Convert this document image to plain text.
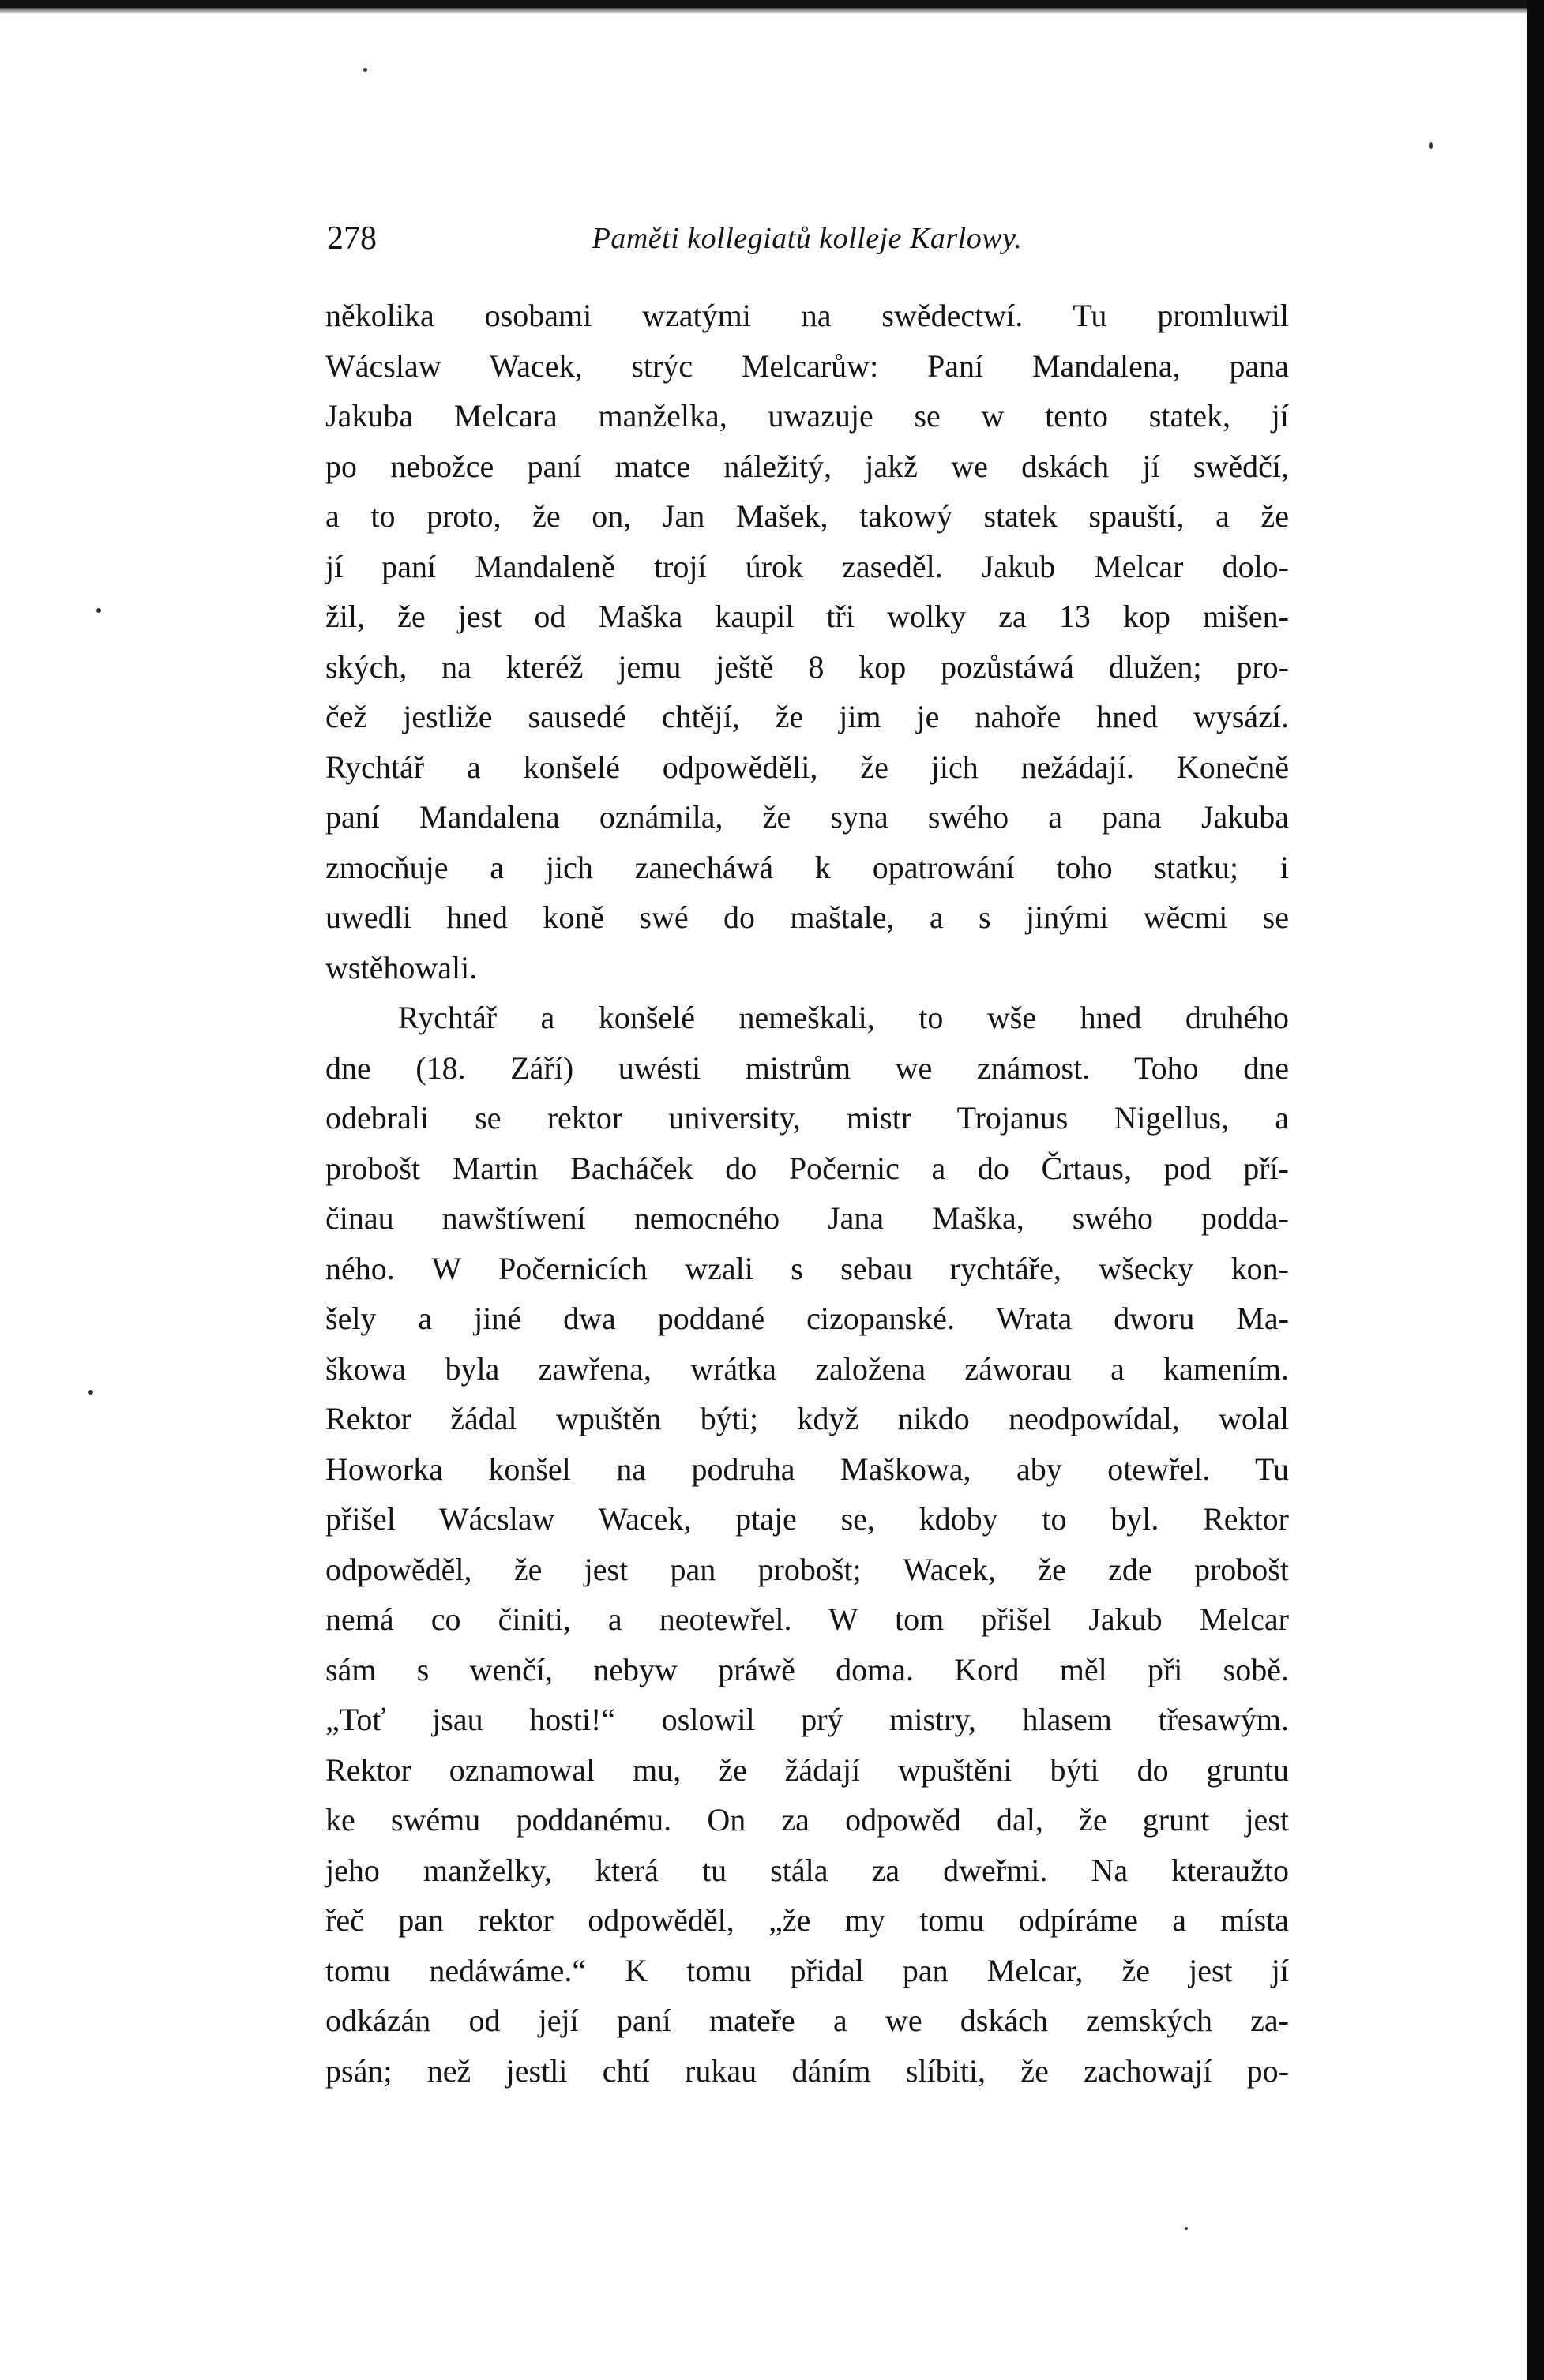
278	Paměti kollegiatů kolleje Karlowy.
několika osobami wzatými na swědectwí. Tu promluwil
Wácslaw Wacek, strýc Melcarůw: Paní Mandalena, pana
Jakuba Melcara manželka, uwazuje se w tento statek, jí
po nebožce paní matce náležitý, jakž we dskách jí swědčí,
a to proto, že on, Jan Mašek, takowý statek spauští, a že
jí paní Mandaleně trojí úrok zaseděl. Jakub Melcar dolo-
žil, že jest od Maška kaupil tři wolky za 13 kop mišen-
ských, na kteréž jemu ještě 8 kop pozůstáwá dlužen; pro-
čež jestliže sausedé chtějí, že jim je nahoře hned wysází.
Rychtář a konšelé odpowěděli, že jich nežádají. Konečně
paní Mandalena oznámila, že syna swého a pana Jakuba
zmocňuje a jich zanecháwá k opatrowání toho statku; i
uwedli hned koně swé do maštale, a s jinými wěcmi se
wstěhowali.
Rychtář a konšelé nemeškali, to wše hned druhého
dne (18. Září) uwésti mistrům we známost. Toho dne
odebrali se rektor university, mistr Trojanus Nigellus, a
probošt Martin Bacháček do Počernic a do Črtaus, pod pří-
činau nawštíwení nemocného Jana Maška, swého podda-
ného. W Počernicích wzali s sebau rychtáře, wšecky kon-
šely a jiné dwa poddané cizopanské. Wrata dworu Ma-
škowa byla zawřena, wrátka založena záworau a kamením.
Rektor žádal wpuštěn býti; když nikdo neodpowídal, wolal
Howorka konšel na podruha Maškowa, aby otewřel. Tu
přišel Wácslaw Wacek, ptaje se, kdoby to byl. Rektor
odpowěděl, že jest pan probošt; Wacek, že zde probošt
nemá co činiti, a neotewřel. W tom přišel Jakub Melcar
sám s wenčí, nebyw práwě doma. Kord měl při sobě.
„Toť jsau hosti!“ oslowil prý mistry, hlasem třesawým.
Rektor oznamowal mu, že žádají wpuštěni býti do gruntu
ke swému poddanému. On za odpowěd dal, že grunt jest
jeho manželky, která tu stála za dweřmi. Na kteraužto
řeč pan rektor odpowěděl, „že my tomu odpíráme a místa
tomu nedáwáme.“ K tomu přidal pan Melcar, že jest jí
odkázán od její paní mateře a we dskách zemských za-
psán; než jestli chtí rukau dáním slíbiti, že zachowají po-
